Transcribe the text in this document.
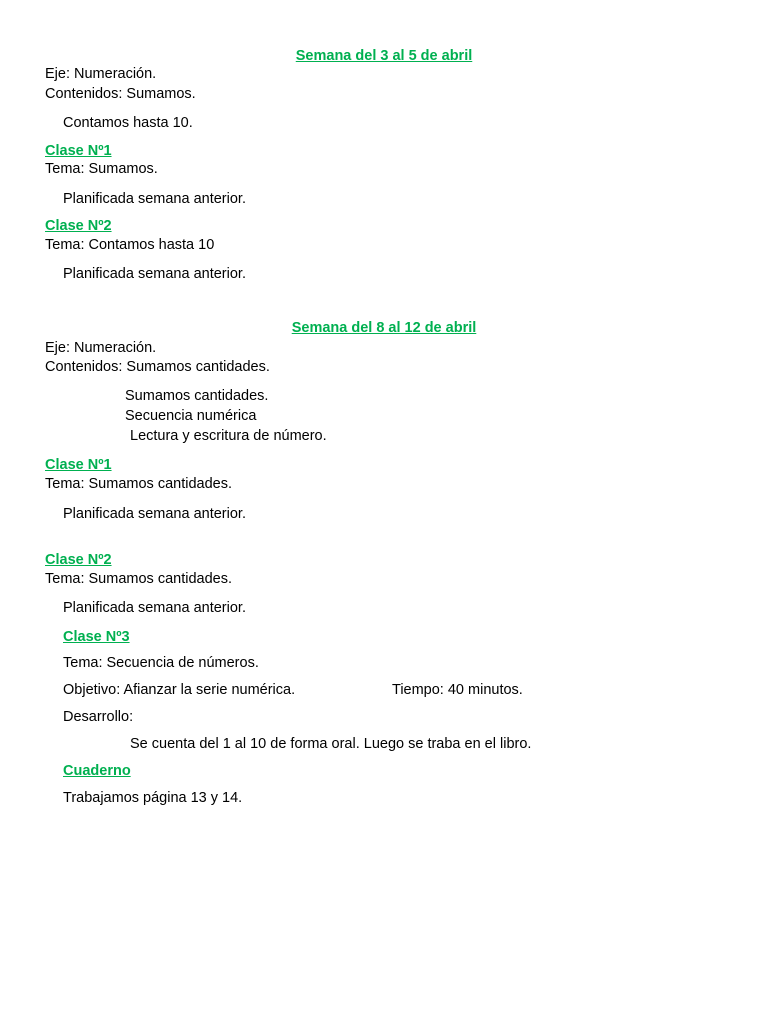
Semana del 3 al 5 de abril
Eje: Numeración.
Contenidos: Sumamos.
Contamos hasta 10.
Clase Nº1
Tema: Sumamos.
Planificada semana anterior.
Clase Nº2
Tema: Contamos hasta 10
Planificada semana anterior.
Semana del 8 al 12 de abril
Eje: Numeración.
Contenidos: Sumamos cantidades.
Sumamos cantidades.
Secuencia numérica
Lectura y escritura de número.
Clase Nº1
Tema: Sumamos cantidades.
Planificada semana anterior.
Clase Nº2
Tema: Sumamos cantidades.
Planificada semana anterior.
Clase Nº3
Tema: Secuencia de números.
Objetivo: Afianzar la serie numérica.	Tiempo: 40 minutos.
Desarrollo:
Se cuenta del 1 al 10 de forma oral. Luego se traba en el libro.
Cuaderno
Trabajamos página 13 y 14.
